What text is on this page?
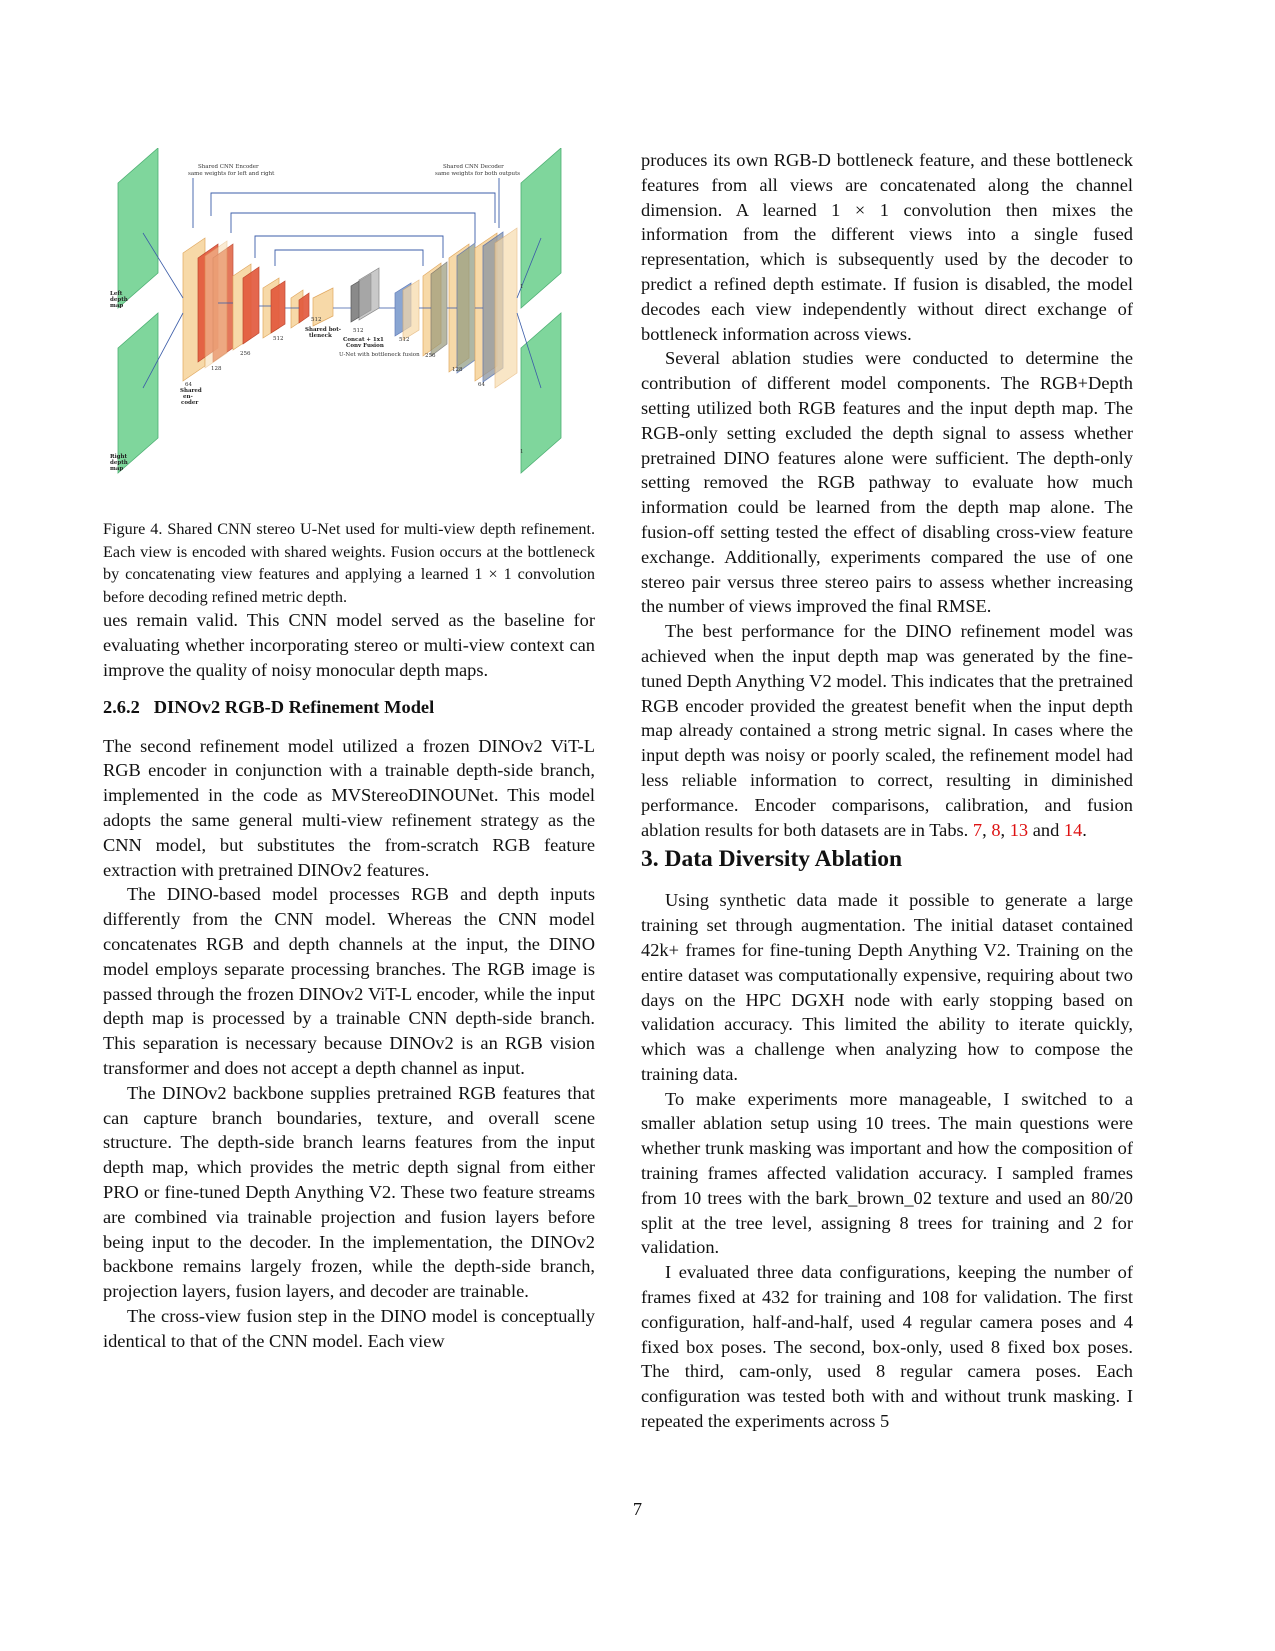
Shared CNN Encoder
same weights for left and right
Shared CNN Decoder
same weights for both outputs
Left
depth
map
Right
depth
map
Shared
en-
coder
Shared bot-
tleneck
Concat + 1x1
Conv Fusion
U-Net with bottleneck fusion
64
128
256
512
512
512
512
256
128
64
1
1

Figure 4. Shared CNN stereo U-Net used for multi-view depth refinement. Each view is encoded with shared weights. Fusion occurs at the bottleneck by concatenating view features and applying a learned 1 × 1 convolution before decoding refined metric depth.

ues remain valid. This CNN model served as the baseline for evaluating whether incorporating stereo or multi-view context can improve the quality of noisy monocular depth maps.

2.6.2 DINOv2 RGB-D Refinement Model

The second refinement model utilized a frozen DINOv2 ViT-L RGB encoder in conjunction with a trainable depth-side branch, implemented in the code as MVStereoDINOUNet. This model adopts the same general multi-view refinement strategy as the CNN model, but substitutes the from-scratch RGB feature extraction with pretrained DINOv2 features.

The DINO-based model processes RGB and depth inputs differently from the CNN model. Whereas the CNN model concatenates RGB and depth channels at the input, the DINO model employs separate processing branches. The RGB image is passed through the frozen DINOv2 ViT-L encoder, while the input depth map is processed by a trainable CNN depth-side branch. This separation is necessary because DINOv2 is an RGB vision transformer and does not accept a depth channel as input.

The DINOv2 backbone supplies pretrained RGB features that can capture branch boundaries, texture, and overall scene structure. The depth-side branch learns features from the input depth map, which provides the metric depth signal from either PRO or fine-tuned Depth Anything V2. These two feature streams are combined via trainable projection and fusion layers before being input to the decoder. In the implementation, the DINOv2 backbone remains largely frozen, while the depth-side branch, projection layers, fusion layers, and decoder are trainable.

The cross-view fusion step in the DINO model is conceptually identical to that of the CNN model. Each view

produces its own RGB-D bottleneck feature, and these bottleneck features from all views are concatenated along the channel dimension. A learned 1 × 1 convolution then mixes the information from the different views into a single fused representation, which is subsequently used by the decoder to predict a refined depth estimate. If fusion is disabled, the model decodes each view independently without direct exchange of bottleneck information across views.

Several ablation studies were conducted to determine the contribution of different model components. The RGB+Depth setting utilized both RGB features and the input depth map. The RGB-only setting excluded the depth signal to assess whether pretrained DINO features alone were sufficient. The depth-only setting removed the RGB pathway to evaluate how much information could be learned from the depth map alone. The fusion-off setting tested the effect of disabling cross-view feature exchange. Additionally, experiments compared the use of one stereo pair versus three stereo pairs to assess whether increasing the number of views improved the final RMSE.

The best performance for the DINO refinement model was achieved when the input depth map was generated by the fine-tuned Depth Anything V2 model. This indicates that the pretrained RGB encoder provided the greatest benefit when the input depth map already contained a strong metric signal. In cases where the input depth was noisy or poorly scaled, the refinement model had less reliable information to correct, resulting in diminished performance. Encoder comparisons, calibration, and fusion ablation results for both datasets are in Tabs. 7, 8, 13 and 14.

3. Data Diversity Ablation

Using synthetic data made it possible to generate a large training set through augmentation. The initial dataset contained 42k+ frames for fine-tuning Depth Anything V2. Training on the entire dataset was computationally expensive, requiring about two days on the HPC DGXH node with early stopping based on validation accuracy. This limited the ability to iterate quickly, which was a challenge when analyzing how to compose the training data.

To make experiments more manageable, I switched to a smaller ablation setup using 10 trees. The main questions were whether trunk masking was important and how the composition of training frames affected validation accuracy. I sampled frames from 10 trees with the bark_brown_02 texture and used an 80/20 split at the tree level, assigning 8 trees for training and 2 for validation.

I evaluated three data configurations, keeping the number of frames fixed at 432 for training and 108 for validation. The first configuration, half-and-half, used 4 regular camera poses and 4 fixed box poses. The second, box-only, used 8 fixed box poses. The third, cam-only, used 8 regular camera poses. Each configuration was tested both with and without trunk masking. I repeated the experiments across 5

7
